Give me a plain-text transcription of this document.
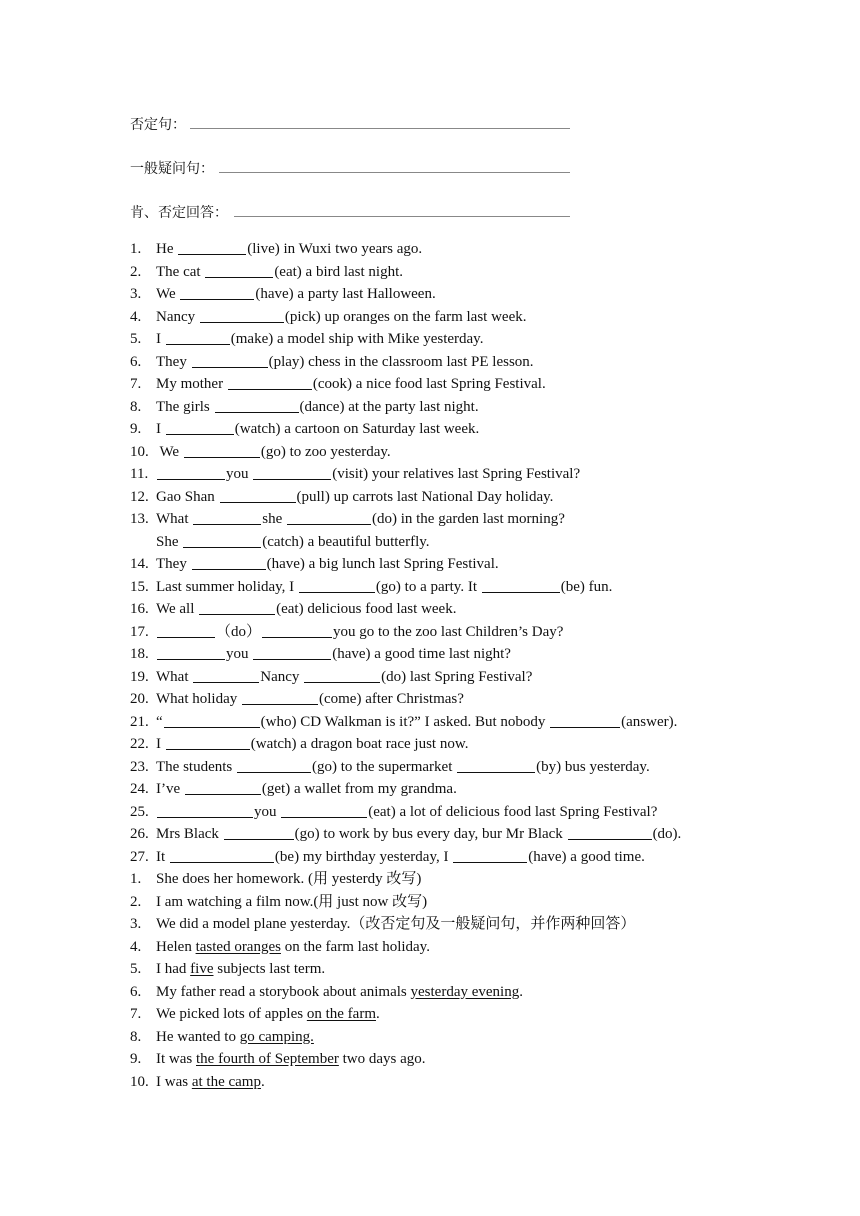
否定句：
一般疑问句：
肯、否定回答：
1. He	(live) in Wuxi two years ago.
2. The cat	(eat) a bird last night.
3. We	(have) a party last Halloween.
4. Nancy	(pick) up oranges on the farm last week.
5. I	(make) a model ship with Mike yesterday.
6. They	(play) chess in the classroom last PE lesson.
7. My mother	(cook) a nice food last Spring Festival.
8. The girls	(dance) at the party last night.
9. I	(watch) a cartoon on Saturday last week.
10. We	(go) to zoo yesterday.
11.	you	(visit) your relatives last Spring Festival?
12. Gao Shan	(pull) up carrots last National Day holiday.
13. What	she	(do) in the garden last morning?
She	(catch) a beautiful butterfly.
14. They	(have) a big lunch last Spring Festival.
15. Last summer holiday, I	(go) to a party. It	(be) fun.
16. We all	(eat) delicious food last week.
17.	（do）	you go to the zoo last Children’s Day?
18.	you	(have) a good time last night?
19. What	Nancy	(do) last Spring Festival?
20. What holiday	(come) after Christmas?
21. “	(who) CD Walkman is it?” I asked. But nobody	(answer).
22. I	(watch) a dragon boat race just now.
23. The students	(go) to the supermarket	(by) bus yesterday.
24. I’ve	(get) a wallet from my grandma.
25.	you	(eat) a lot of delicious food last Spring Festival?
26. Mrs Black	(go) to work by bus every day, bur Mr Black	(do).
27. It	(be) my birthday yesterday, I	(have) a good time.
1. She does her homework. (用 yesterdy 改写)
2. I am watching a film now.(用 just now 改写)
3. We did a model plane yesterday.（改否定句及一般疑问句，并作两种回答）
4. Helen tasted oranges on the farm last holiday.
5. I had five subjects last term.
6. My father read a storybook about animals yesterday evening.
7. We picked lots of apples on the farm.
8. He wanted to go camping.
9. It was the fourth of September two days ago.
10. I was at the camp.
